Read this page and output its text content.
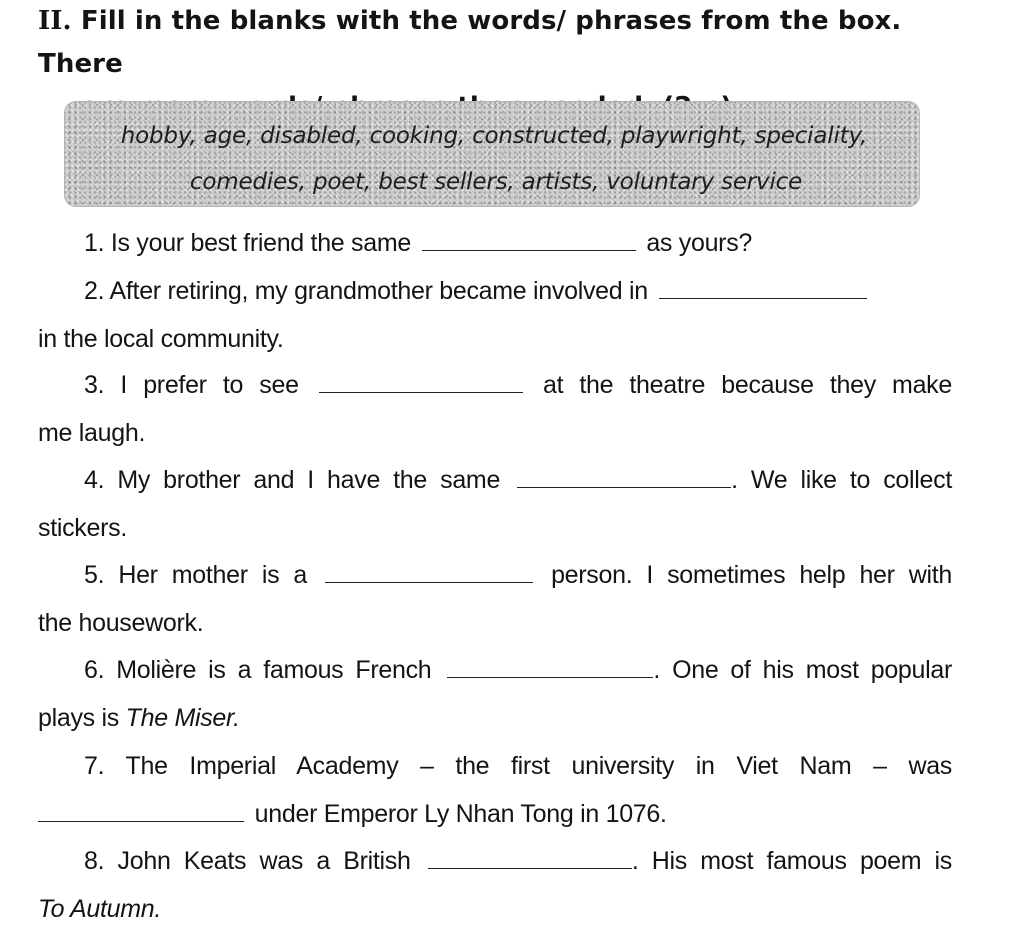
II. Fill in the blanks with the words/ phrases from the box. There
hobby, age, disabled, cooking, constructed, playwright, speciality,
comedies, poet, best sellers, artists, voluntary service
1. Is your best friend the same	as yours?
2. After retiring, my grandmother became involved in
in the local community.
3. I prefer to see	at the theatre because they make
me laugh.
4. My brother and I have the same	. We like to collect
stickers.
5. Her mother is a	person. I sometimes help her with
the housework.
6. Molière is a famous French	. One of his most popular
plays is The Miser.
7. The Imperial Academy – the first university in Viet Nam – was
under Emperor Ly Nhan Tong in 1076.
8. John Keats was a British	. His most famous poem is
To Autumn.
